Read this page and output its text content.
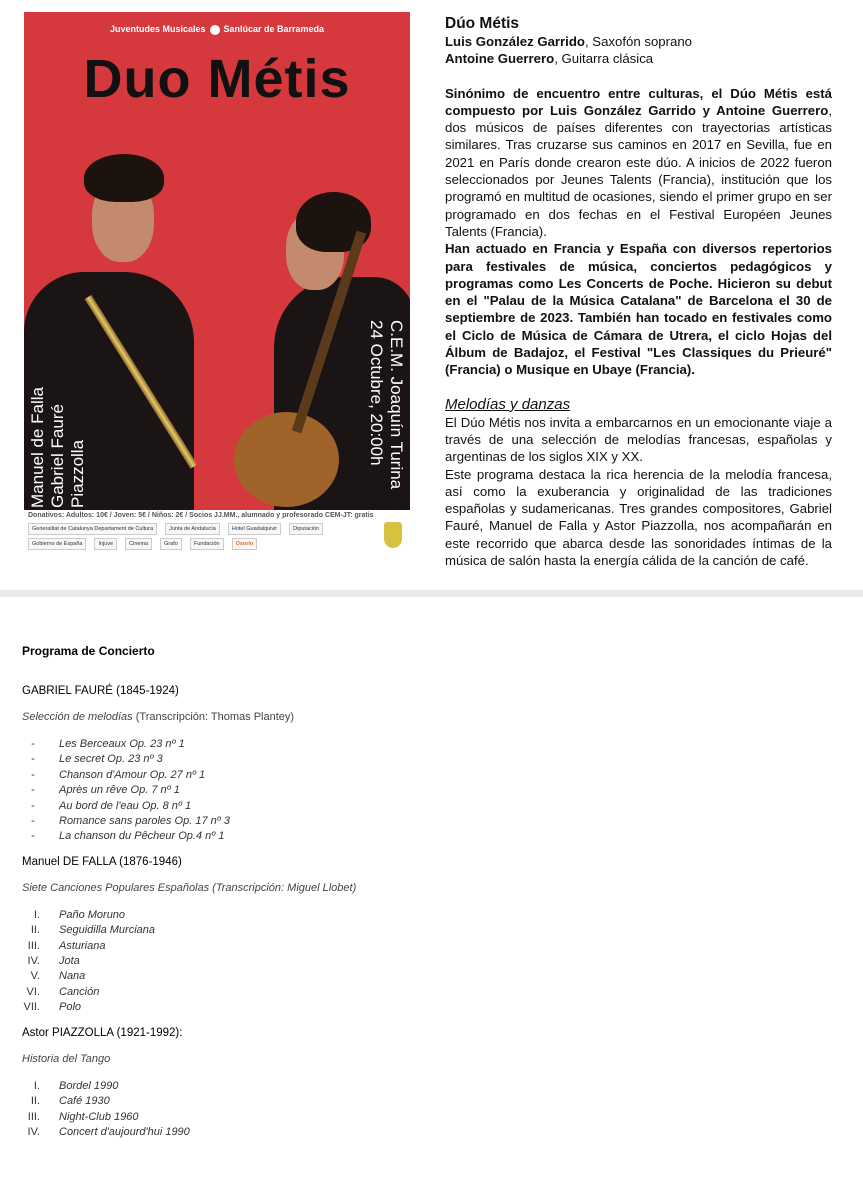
Juventudes Musicales Sanlúcar de Barrameda
Duo Métis
Manuel de Falla Gabriel Fauré Piazzolla	C.E.M. Joaquín Turina
24 Octubre, 20:00h
Donativos: Adultos: 10€ / Joven: 5€ / Niños: 2€ / Socios JJ.MM., alumnado y profesorado CEM-JT: gratis
Generalitat de Catalunya Departament de Cultura	Junta de Andalucía	Hotel Guadalquivir	Diputación
Gobierno de España	Injuve	Cinema	Grafo	Fundación	Osorio
Dúo Métis
Luis González Garrido, Saxofón soprano
Antoine Guerrero, Guitarra clásica

Sinónimo de encuentro entre culturas, el Dúo Métis está compuesto por Luis González Garrido y Antoine Guerrero, dos músicos de países diferentes con trayectorias artísticas similares. Tras cruzarse sus caminos en 2017 en Sevilla, fue en 2021 en París donde crearon este dúo. A inicios de 2022 fueron seleccionados por Jeunes Talents (Francia), institución que los programó en multitud de ocasiones, siendo el primer grupo en ser programado en dos fechas en el Festival Européen Jeunes Talents (Francia).

Han actuado en Francia y España con diversos repertorios para festivales de música, conciertos pedagógicos y programas como Les Concerts de Poche. Hicieron su debut en el "Palau de la Música Catalana" de Barcelona el 30 de septiembre de 2023. También han tocado en festivales como el Ciclo de Música de Cámara de Utrera, el ciclo Hojas del Álbum de Badajoz, el Festival "Les Classiques du Prieuré" (Francia) o Musique en Ubaye (Francia).

Melodías y danzas

El Dúo Métis nos invita a embarcarnos en un emocionante viaje a través de una selección de melodías francesas, españolas y argentinas de los siglos XIX y XX.

Este programa destaca la rica herencia de la melodía francesa, así como la exuberancia y originalidad de las tradiciones españolas y sudamericanas. Tres grandes compositores, Gabriel Fauré, Manuel de Falla y Astor Piazzolla, nos acompañarán en este recorrido que abarca desde las sonoridades íntimas de la música de salón hasta la energía cálida de la canción de café.

Programa de Concierto
GABRIEL FAURÉ (1845-1924)
Selección de melodías (Transcripción: Thomas Plantey)
-	Les Berceaux Op. 23 nº 1
-	Le secret Op. 23 nº 3
-	Chanson d'Amour Op. 27 nº 1
-	Après un rêve Op. 7 nº 1
-	Au bord de l'eau Op. 8 nº 1
-	Romance sans paroles Op. 17 nº 3
-	La chanson du Pêcheur Op.4 nº 1
Manuel DE FALLA (1876-1946)
Siete Canciones Populares Españolas (Transcripción: Miguel Llobet)
I. Paño Moruno
II. Seguidilla Murciana
III. Asturiana
IV. Jota
V. Nana
VI. Canción
VII. Polo
Astor PIAZZOLLA (1921-1992):
Historia del Tango
I. Bordel 1990
II. Café 1930
III. Night-Club 1960
IV. Concert d'aujourd'hui 1990
